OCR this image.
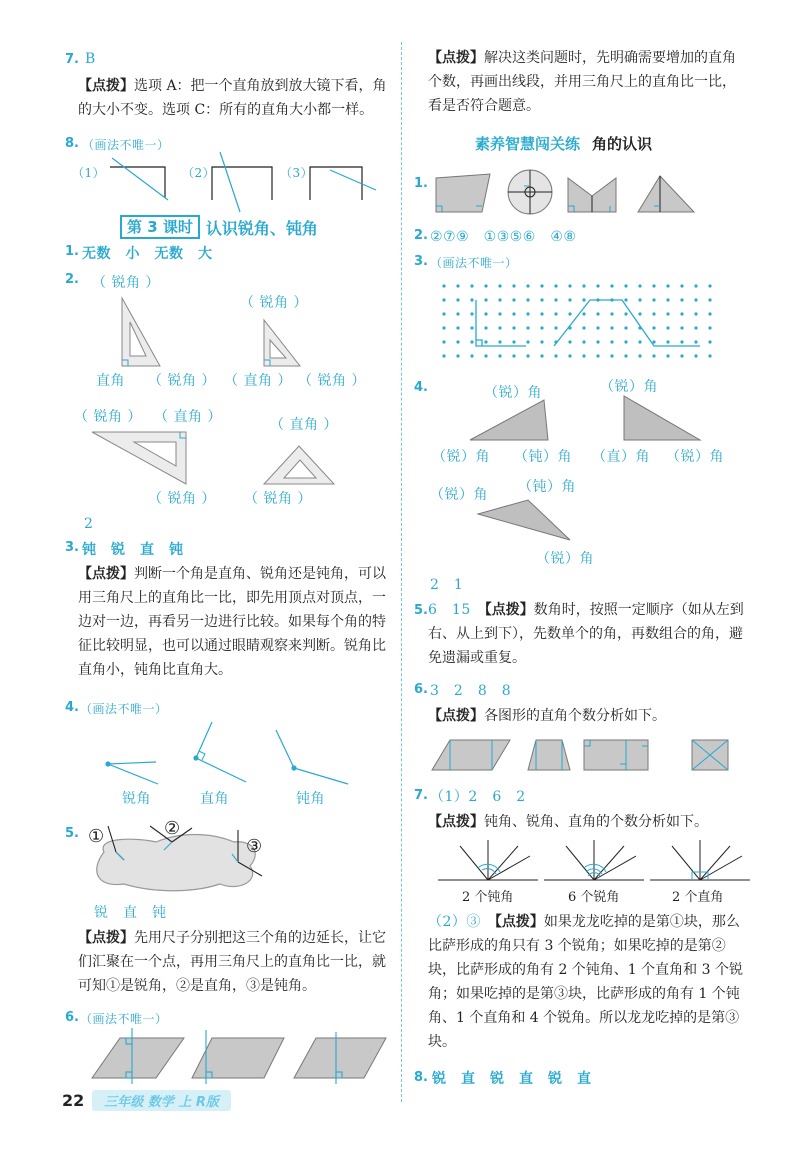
7. B
【点拨】选项 A：把一个直角放到放大镜下看，角的大小不变。选项 C：所有的直角大小都一样。
8. （画法不唯一）
（1）	（2）	（3）
第 3 课时 认识锐角、钝角
1. 无数　小　无数　大
2. （ 锐角 ）
（ 锐角 ）
直角 （ 锐角 ） （ 直角 ） （ 锐角 ）
（ 锐角 ） （ 直角 ）	（ 直角 ）
（ 锐角 ） （ 锐角 ）
2
3. 钝　锐　直　钝
【点拨】判断一个角是直角、锐角还是钝角，可以用三角尺上的直角比一比，即先用顶点对顶点，一边对一边，再看另一边进行比较。如果每个角的特征比较明显，也可以通过眼睛观察来判断。锐角比直角小，钝角比直角大。
4. （画法不唯一）
锐角	直角	钝角
5. ①	②
③
锐　直　钝
【点拨】先用尺子分别把这三个角的边延长，让它们汇聚在一个点，再用三角尺上的直角比一比，就可知①是锐角，②是直角，③是钝角。
6. （画法不唯一）
22	三年级 数学 上 R版
【点拨】解决这类问题时，先明确需要增加的直角个数，再画出线段，并用三角尺上的直角比一比，看是否符合题意。
素养智慧闯关练 角的认识
1.
2. ②⑦⑨　①③⑤⑥　④⑧
3. （画法不唯一）
4.	（锐）角	（锐）角
（锐）角 （钝）角 （直）角 （锐）角
（锐）角 （钝）角
（锐）角
2　1
5. 6　15　 【点拨】数角时，按照一定顺序（如从左到右、从上到下），先数单个的角，再数组合的角，避免遗漏或重复。
6. 3　2　8　8
【点拨】各图形的直角个数分析如下。
7. （1）2　6　2
【点拨】钝角、锐角、直角的个数分析如下。
2 个钝角	6 个锐角	2 个直角
（2）③　 【点拨】如果龙龙吃掉的是第①块，那么比萨形成的角只有 3 个锐角；如果吃掉的是第②块，比萨形成的角有 2 个钝角、1 个直角和 3 个锐角；如果吃掉的是第③块，比萨形成的角有 1 个钝角、1 个直角和 4 个锐角。所以龙龙吃掉的是第③块。
8. 锐　直　锐　直　锐　直
